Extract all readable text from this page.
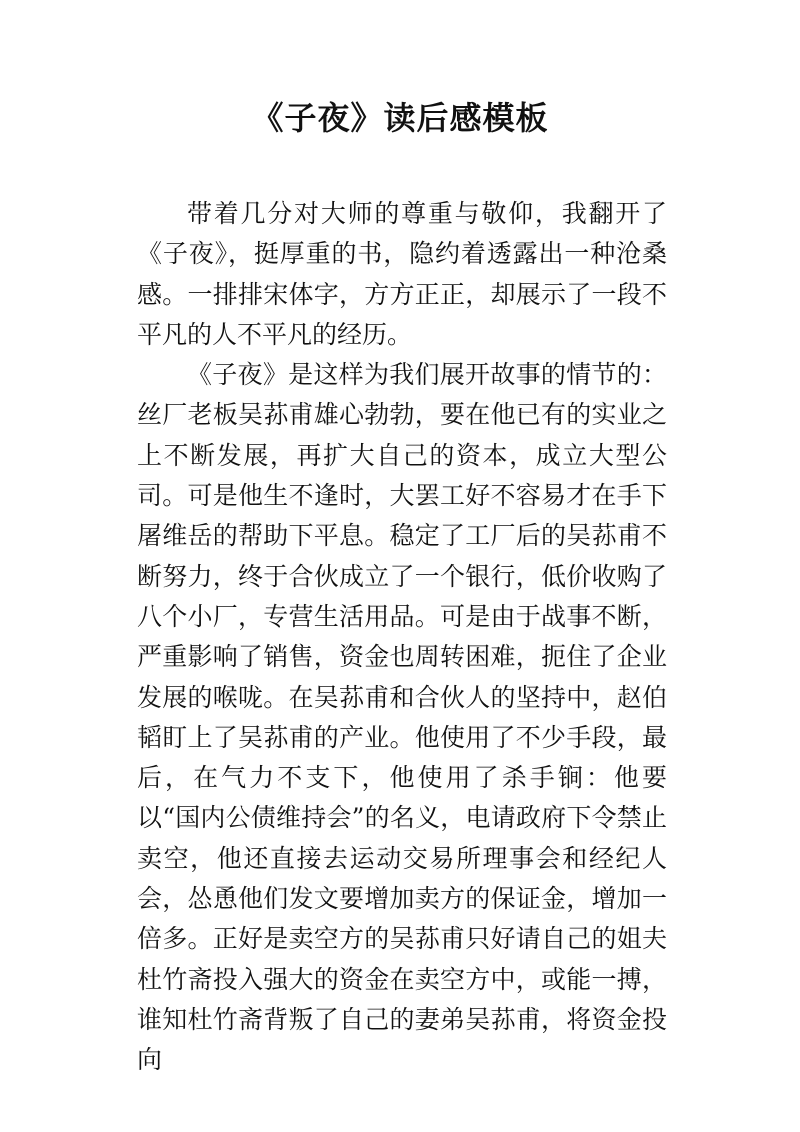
《子夜》读后感模板

带着几分对大师的尊重与敬仰，我翻开了《子夜》，挺厚重的书，隐约着透露出一种沧桑感。一排排宋体字，方方正正，却展示了一段不平凡的人不平凡的经历。

《子夜》是这样为我们展开故事的情节的：丝厂老板吴荪甫雄心勃勃，要在他已有的实业之上不断发展，再扩大自己的资本，成立大型公司。可是他生不逢时，大罢工好不容易才在手下屠维岳的帮助下平息。稳定了工厂后的吴荪甫不断努力，终于合伙成立了一个银行，低价收购了八个小厂，专营生活用品。可是由于战事不断，严重影响了销售，资金也周转困难，扼住了企业发展的喉咙。在吴荪甫和合伙人的坚持中，赵伯韬盯上了吴荪甫的产业。他使用了不少手段，最后，在气力不支下，他使用了杀手锏：他要以“国内公债维持会”的名义，电请政府下令禁止卖空，他还直接去运动交易所理事会和经纪人会，怂恿他们发文要增加卖方的保证金，增加一倍多。正好是卖空方的吴荪甫只好请自己的姐夫杜竹斋投入强大的资金在卖空方中，或能一搏，谁知杜竹斋背叛了自己的妻弟吴荪甫，将资金投向
